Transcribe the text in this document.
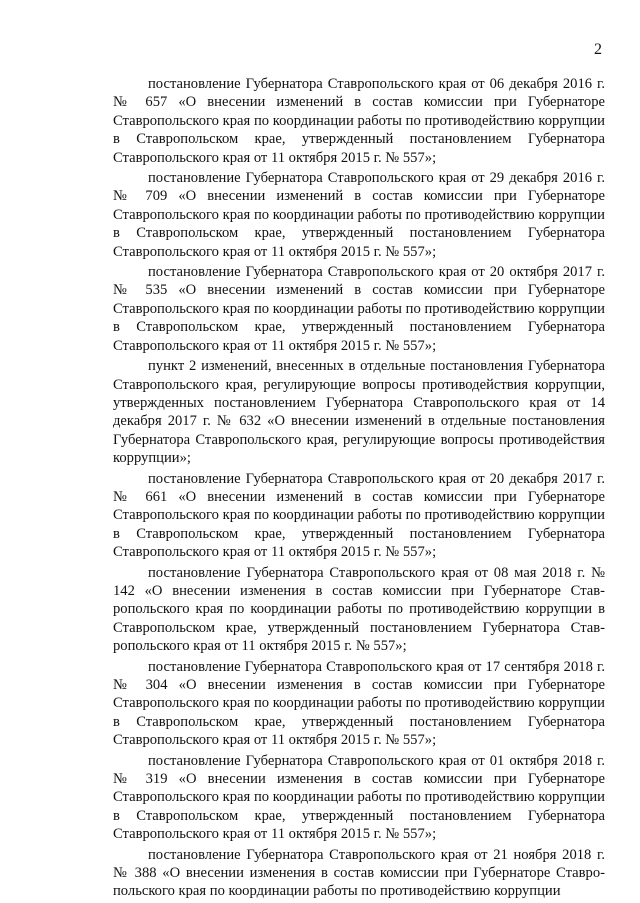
2

постановление Губернатора Ставропольского края от 06 декабря 2016 г. № 657 «О внесении изменений в состав комиссии при Губернаторе Ставропольского края по координации работы по противодействию коррупции в Ставропольском крае, утвержденный постановлением Губернатора Ставропольского края от 11 октября 2015 г. № 557»;

постановление Губернатора Ставропольского края от 29 декабря 2016 г. № 709 «О внесении изменений в состав комиссии при Губернаторе Ставропольского края по координации работы по противодействию коррупции в Ставропольском крае, утвержденный постановлением Губернатора Ставропольского края от 11 октября 2015 г. № 557»;

постановление Губернатора Ставропольского края от 20 октября 2017 г. № 535 «О внесении изменений в состав комиссии при Губернаторе Ставропольского края по координации работы по противодействию коррупции в Ставропольском крае, утвержденный постановлением Губернатора Ставропольского края от 11 октября 2015 г. № 557»;

пункт 2 изменений, внесенных в отдельные постановления Губернатора Ставропольского края, регулирующие вопросы противодействия коррупции, утвержденных постановлением Губернатора Ставропольского края от 14 декабря 2017 г. № 632 «О внесении изменений в отдельные постановления Губернатора Ставропольского края, регулирующие вопросы противодействия коррупции»;

постановление Губернатора Ставропольского края от 20 декабря 2017 г. № 661 «О внесении изменений в состав комиссии при Губернаторе Ставропольского края по координации работы по противодействию коррупции в Ставропольском крае, утвержденный постановлением Губернатора Ставропольского края от 11 октября 2015 г. № 557»;

постановление Губернатора Ставропольского края от 08 мая 2018 г. № 142 «О внесении изменения в состав комиссии при Губернаторе Ставропольского края по координации работы по противодействию коррупции в Ставропольском крае, утвержденный постановлением Губернатора Ставропольского края от 11 октября 2015 г. № 557»;

постановление Губернатора Ставропольского края от 17 сентября 2018 г. № 304 «О внесении изменения в состав комиссии при Губернаторе Ставропольского края по координации работы по противодействию коррупции в Ставропольском крае, утвержденный постановлением Губернатора Ставропольского края от 11 октября 2015 г. № 557»;

постановление Губернатора Ставропольского края от 01 октября 2018 г. № 319 «О внесении изменения в состав комиссии при Губернаторе Ставропольского края по координации работы по противодействию коррупции в Ставропольском крае, утвержденный постановлением Губернатора Ставропольского края от 11 октября 2015 г. № 557»;

постановление Губернатора Ставропольского края от 21 ноября 2018 г. № 388 «О внесении изменения в состав комиссии при Губернаторе Ставропольского края по координации работы по противодействию коррупции
